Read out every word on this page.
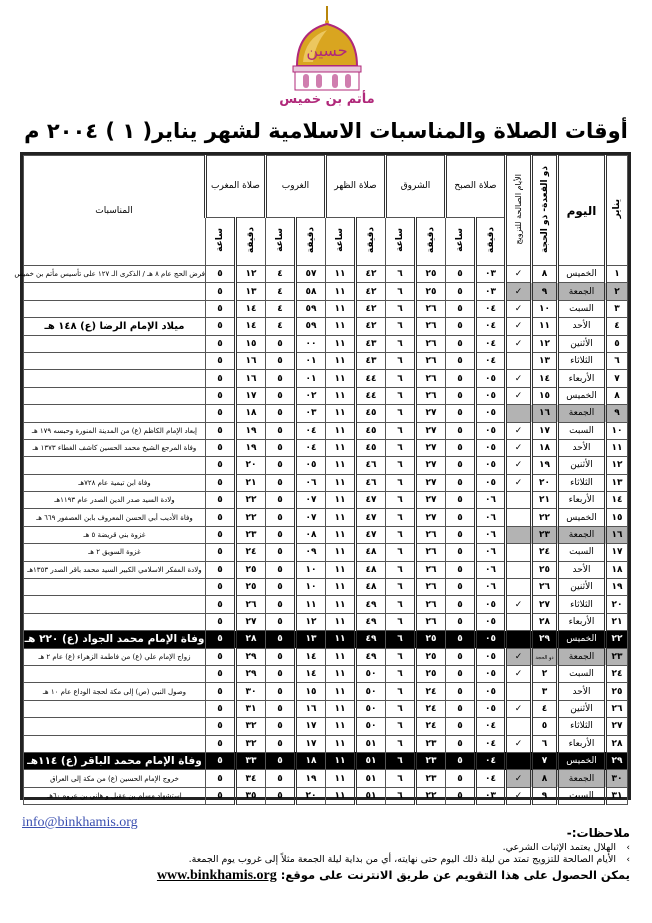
حسين
مأتم بن خميس
أوقات الصلاة والمناسبات الاسلامية لشهر يناير( ١ ) ٢٠٠٤ م
يناير	اليوم	ذو القعدة- ذو الحجة	الأيام الصالحة للتزويج	صلاة الصبح		الشروق		صلاة الظهر		الغروب		صلاة المغرب		المناسبات
				دقيقة	ساعة	دقيقة	ساعة	دقيقة	ساعة	دقيقة	ساعة	دقيقة	ساعة	
١	الخميس	٨	✓	٠٣	٥	٢٥	٦	٤٢	١١	٥٧	٤	١٢	٥	فرض الحج عام ٨ هـ / الذكرى الـ ١٢٧ على تأسيس مأتم بن خميس
٢	الجمعة	٩	✓	٠٣	٥	٢٥	٦	٤٢	١١	٥٨	٤	١٣	٥	
٣	السبت	١٠	✓	٠٤	٥	٢٦	٦	٤٢	١١	٥٩	٤	١٤	٥	
٤	الأحد	١١	✓	٠٤	٥	٢٦	٦	٤٢	١١	٥٩	٤	١٤	٥	ميلاد الإمام الرضا (ع) ١٤٨ هـ
٥	الأثنين	١٢	✓	٠٤	٥	٢٦	٦	٤٣	١١	٠٠	٥	١٥	٥	
٦	الثلاثاء	١٣		٠٤	٥	٢٦	٦	٤٣	١١	٠١	٥	١٦	٥	
٧	الأربعاء	١٤	✓	٠٥	٥	٢٦	٦	٤٤	١١	٠١	٥	١٦	٥	
٨	الخميس	١٥	✓	٠٥	٥	٢٦	٦	٤٤	١١	٠٢	٥	١٧	٥	
٩	الجمعة	١٦		٠٥	٥	٢٧	٦	٤٥	١١	٠٣	٥	١٨	٥	
١٠	السبت	١٧	✓	٠٥	٥	٢٧	٦	٤٥	١١	٠٤	٥	١٩	٥	إبعاد الإمام الكاظم (ع) من المدينة المنورة وحبسه ١٧٩ هـ
١١	الأحد	١٨	✓	٠٥	٥	٢٧	٦	٤٥	١١	٠٤	٥	١٩	٥	وفاة المرجع الشيخ محمد الحسين كاشف الغطاء ١٣٧٣ هـ
١٢	الأثنين	١٩	✓	٠٥	٥	٢٧	٦	٤٦	١١	٠٥	٥	٢٠	٥	
١٣	الثلاثاء	٢٠	✓	٠٥	٥	٢٧	٦	٤٦	١١	٠٦	٥	٢١	٥	وفاة ابن تيمية عام ٧٢٨هـ
١٤	الأربعاء	٢١		٠٦	٥	٢٧	٦	٤٧	١١	٠٧	٥	٢٢	٥	ولادة السيد صدر الدين الصدر عام ١١٩٣هـ
١٥	الخميس	٢٢		٠٦	٥	٢٧	٦	٤٧	١١	٠٧	٥	٢٢	٥	وفاة الأديب أبي الحسن المعروف بابن العصفور ٦٦٩ هـ
١٦	الجمعة	٢٣		٠٦	٥	٢٦	٦	٤٧	١١	٠٨	٥	٢٣	٥	غزوة بني قريضة ٥ هـ
١٧	السبت	٢٤		٠٦	٥	٢٦	٦	٤٨	١١	٠٩	٥	٢٤	٥	غزوة السويق ٢ هـ
١٨	الأحد	٢٥		٠٦	٥	٢٦	٦	٤٨	١١	١٠	٥	٢٥	٥	ولادة المفكر الاسلامي الكبير السيد محمد باقر الصدر ١٣٥٣هـ
١٩	الأثنين	٢٦		٠٦	٥	٢٦	٦	٤٨	١١	١٠	٥	٢٥	٥	
٢٠	الثلاثاء	٢٧	✓	٠٥	٥	٢٦	٦	٤٩	١١	١١	٥	٢٦	٥	
٢١	الأربعاء	٢٨		٠٥	٥	٢٦	٦	٤٩	١١	١٢	٥	٢٧	٥	
٢٢	الخميس	٢٩		٠٥	٥	٢٥	٦	٤٩	١١	١٣	٥	٢٨	٥	وفاة الإمام محمد الجواد (ع) ٢٢٠ هـ
٢٣	الجمعة	ذو الحجة	✓	٠٥	٥	٢٥	٦	٤٩	١١	١٤	٥	٢٩	٥	زواج الإمام علي (ع) من فاطمة الزهراء (ع) عام ٢ هـ
٢٤	السبت	٢	✓	٠٥	٥	٢٥	٦	٥٠	١١	١٤	٥	٢٩	٥	
٢٥	الأحد	٣		٠٥	٥	٢٤	٦	٥٠	١١	١٥	٥	٣٠	٥	وصول النبي (ص) إلى مكة لحجة الوداع عام ١٠ هـ
٢٦	الأثنين	٤	✓	٠٥	٥	٢٤	٦	٥٠	١١	١٦	٥	٣١	٥	
٢٧	الثلاثاء	٥		٠٤	٥	٢٤	٦	٥٠	١١	١٧	٥	٣٢	٥	
٢٨	الأربعاء	٦	✓	٠٤	٥	٢٣	٦	٥١	١١	١٧	٥	٣٢	٥	
٢٩	الخميس	٧		٠٤	٥	٢٣	٦	٥١	١١	١٨	٥	٣٣	٥	وفاة الإمام محمد الباقر (ع) ١١٤هـ
٣٠	الجمعة	٨	✓	٠٤	٥	٢٣	٦	٥١	١١	١٩	٥	٣٤	٥	خروج الإمام الحسين (ع) من مكة إلى العراق
٣١	السبت	٩	✓	٠٣	٥	٢٢	٦	٥١	١١	٢٠	٥	٣٥	٥	استشهاد مسلم بن عقيل و هاني بن عروه ٦٠هـ
info@binkhamis.org
ملاحظات:-
›
الهلال يعتمد الإثبات الشرعي.
›
الأيام الصالحة للتزويج تمتد من ليلة ذلك اليوم حتى نهايته، أي من بداية ليلة الجمعة مثلاً إلى غروب يوم الجمعة.
يمكن الحصول على هذا التقويم عن طريق الانترنت على موقع: www.binkhamis.org
